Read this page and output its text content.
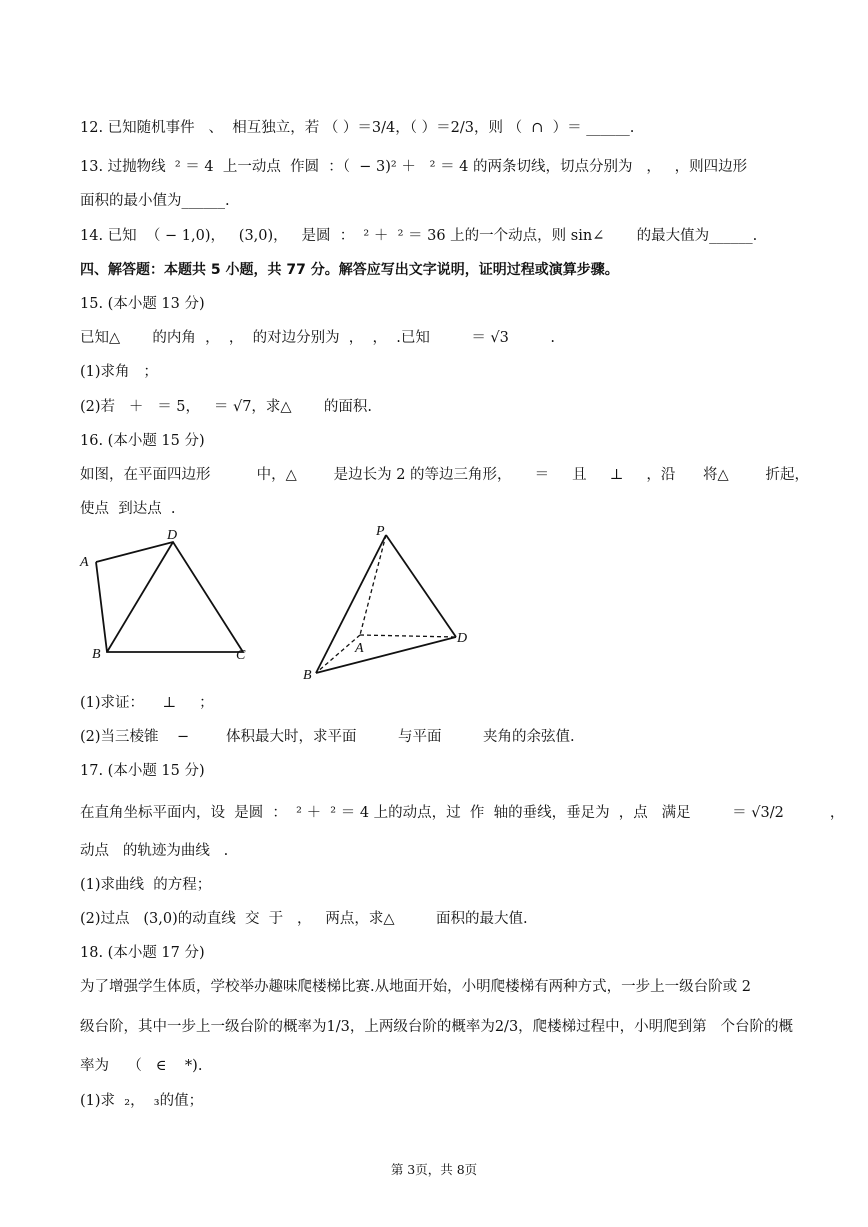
12. 已知随机事件   、  相互独立，若 （ ）＝3/4，（ ）＝2/3，则 （  ∩  ）＝ ______.
13. 过抛物线  ² ＝ 4  上一动点  作圆  ：（  − 3)² ＋   ² ＝ 4 的两条切线，切点分别为   ，   ，则四边形
面积的最小值为______.
14. 已知  （ − 1,0)，   (3,0)，   是圆  ：  ² ＋  ² ＝ 36 上的一个动点，则 sin∠       的最大值为______.
四、解答题：本题共 5 小题，共 77 分。解答应写出文字说明，证明过程或演算步骤。
15. (本小题 13 分)
已知△       的内角  ，  ，  的对边分别为  ，  ，  .已知         ＝ √3         .
(1)求角   ；
(2)若   ＋   ＝ 5，   ＝ √7，求△       的面积.
16. (本小题 15 分)
如图，在平面四边形          中，△        是边长为 2 的等边三角形，     ＝     且     ⊥     ，沿      将△        折起，
使点  到达点  .
A
D
C
B
P
A
D
B
(1)求证：    ⊥     ；
(2)当三棱锥    −        体积最大时，求平面         与平面         夹角的余弦值.
17. (本小题 15 分)
在直角坐标平面内，设  是圆  ：  ² ＋  ² ＝ 4 上的动点，过  作  轴的垂线，垂足为  ，点   满足         ＝ √3/2          ，
动点   的轨迹为曲线   .
(1)求曲线  的方程；
(2)过点   (3,0)的动直线  交  于   ，   两点，求△         面积的最大值.
18. (本小题 17 分)
为了增强学生体质，学校举办趣味爬楼梯比赛.从地面开始，小明爬楼梯有两种方式，一步上一级台阶或 2
级台阶，其中一步上一级台阶的概率为1/3，上两级台阶的概率为2/3，爬楼梯过程中，小明爬到第   个台阶的概
率为    （   ∈    *).
(1)求  ₂，  ₃的值；
第 3页，共 8页
